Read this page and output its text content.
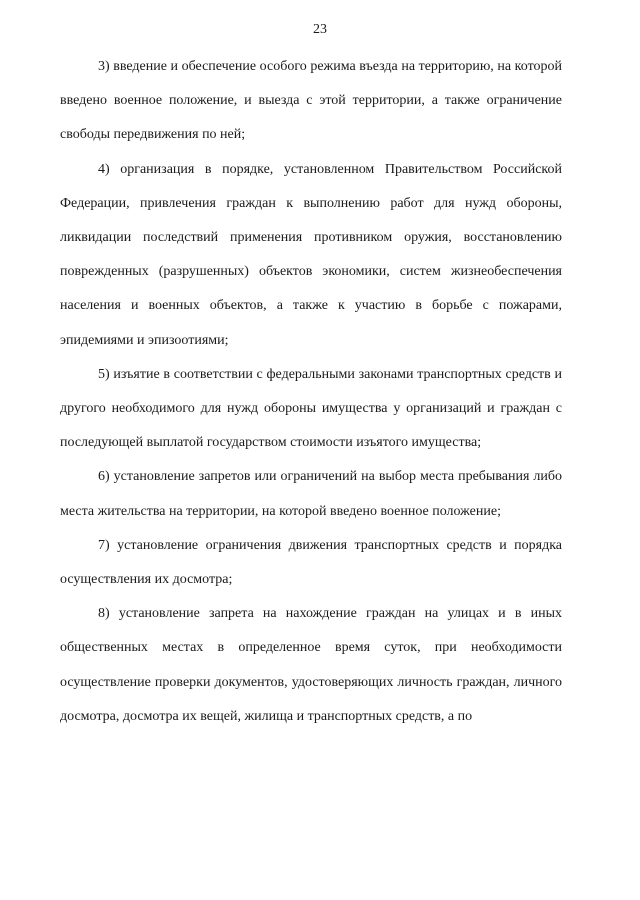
23

3) введение и обеспечение особого режима въезда на территорию, на которой введено военное положение, и выезда с этой территории, а также ограничение свободы передвижения по ней;

4) организация в порядке, установленном Правительством Российской Федерации, привлечения граждан к выполнению работ для нужд обороны, ликвидации последствий применения противником оружия, восстановлению поврежденных (разрушенных) объектов экономики, систем жизнеобеспечения населения и военных объектов, а также к участию в борьбе с пожарами, эпидемиями и эпизоотиями;

5) изъятие в соответствии с федеральными законами транспортных средств и другого необходимого для нужд обороны имущества у организаций и граждан с последующей выплатой государством стоимости изъятого имущества;

6) установление запретов или ограничений на выбор места пребывания либо места жительства на территории, на которой введено военное положение;

7) установление ограничения движения транспортных средств и порядка осуществления их досмотра;

8) установление запрета на нахождение граждан на улицах и в иных общественных местах в определенное время суток, при необходимости осуществление проверки документов, удостоверяющих личность граждан, личного досмотра, досмотра их вещей, жилища и транспортных средств, а по
